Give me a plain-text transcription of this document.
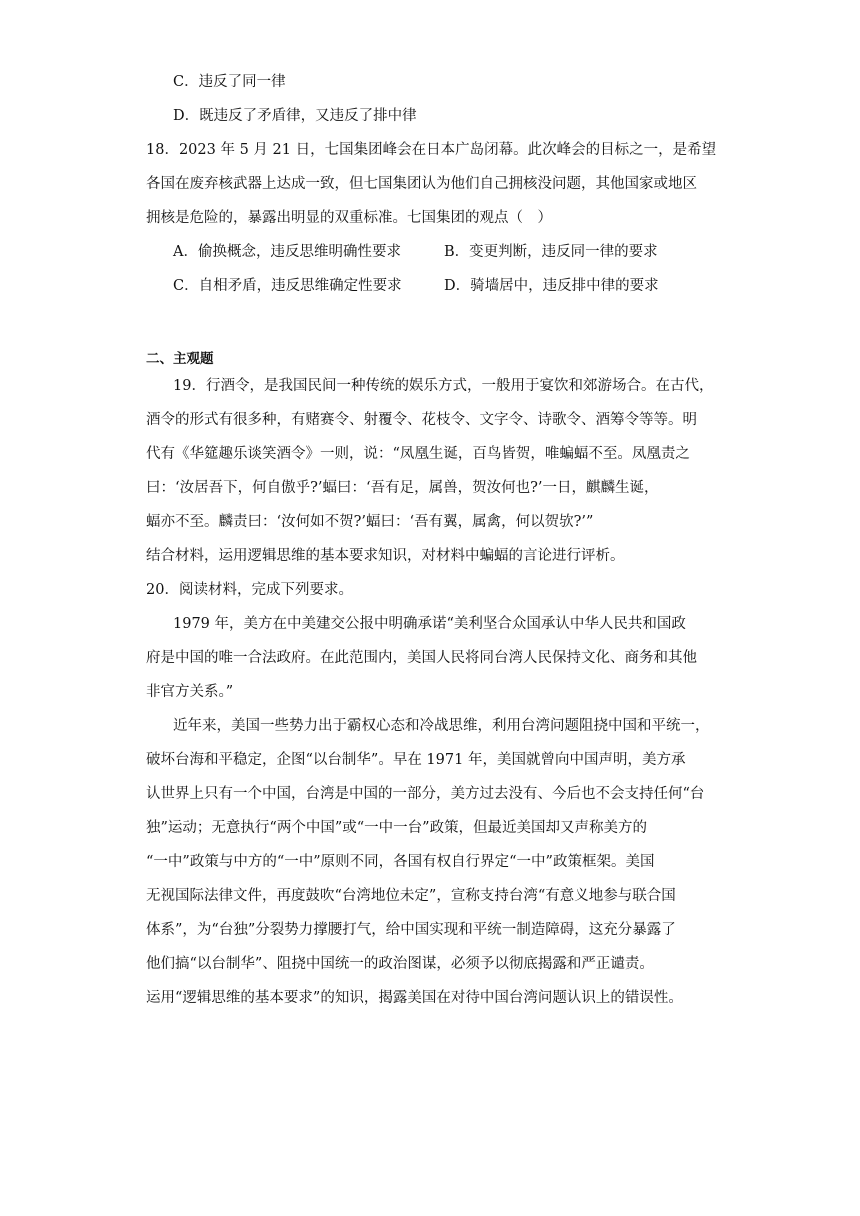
C．违反了同一律
D．既违反了矛盾律，又违反了排中律
18．2023 年 5 月 21 日，七国集团峰会在日本广岛闭幕。此次峰会的目标之一，是希望
各国在废弃核武器上达成一致，但七国集团认为他们自己拥核没问题，其他国家或地区
拥核是危险的，暴露出明显的双重标准。七国集团的观点（　）
A．偷换概念，违反思维明确性要求	B．变更判断，违反同一律的要求
C．自相矛盾，违反思维确定性要求	D．骑墙居中，违反排中律的要求
二、主观题
19．行酒令，是我国民间一种传统的娱乐方式，一般用于宴饮和郊游场合。在古代，
酒令的形式有很多种，有赌赛令、射覆令、花枝令、文字令、诗歌令、酒筹令等等。明
代有《华筵趣乐谈笑酒令》一则，说：“凤凰生诞，百鸟皆贺，唯蝙蝠不至。凤凰责之
曰：‘汝居吾下，何自傲乎?’蝠曰：‘吾有足，属兽，贺汝何也?’一日，麒麟生诞，
蝠亦不至。麟责曰：‘汝何如不贺?’蝠曰：‘吾有翼，属禽，何以贺欤?’”
结合材料，运用逻辑思维的基本要求知识，对材料中蝙蝠的言论进行评析。
20．阅读材料，完成下列要求。
1979 年，美方在中美建交公报中明确承诺“美利坚合众国承认中华人民共和国政
府是中国的唯一合法政府。在此范围内，美国人民将同台湾人民保持文化、商务和其他
非官方关系。”
近年来，美国一些势力出于霸权心态和冷战思维，利用台湾问题阻挠中国和平统一，
破坏台海和平稳定，企图“以台制华”。早在 1971 年，美国就曾向中国声明，美方承
认世界上只有一个中国，台湾是中国的一部分，美方过去没有、今后也不会支持任何“台
独”运动；无意执行“两个中国”或“一中一台”政策，但最近美国却又声称美方的
“一中”政策与中方的“一中”原则不同，各国有权自行界定“一中”政策框架。美国
无视国际法律文件，再度鼓吹“台湾地位未定”，宣称支持台湾“有意义地参与联合国
体系”，为“台独”分裂势力撑腰打气，给中国实现和平统一制造障碍，这充分暴露了
他们搞“以台制华”、阻挠中国统一的政治图谋，必须予以彻底揭露和严正谴责。
运用“逻辑思维的基本要求”的知识，揭露美国在对待中国台湾问题认识上的错误性。
